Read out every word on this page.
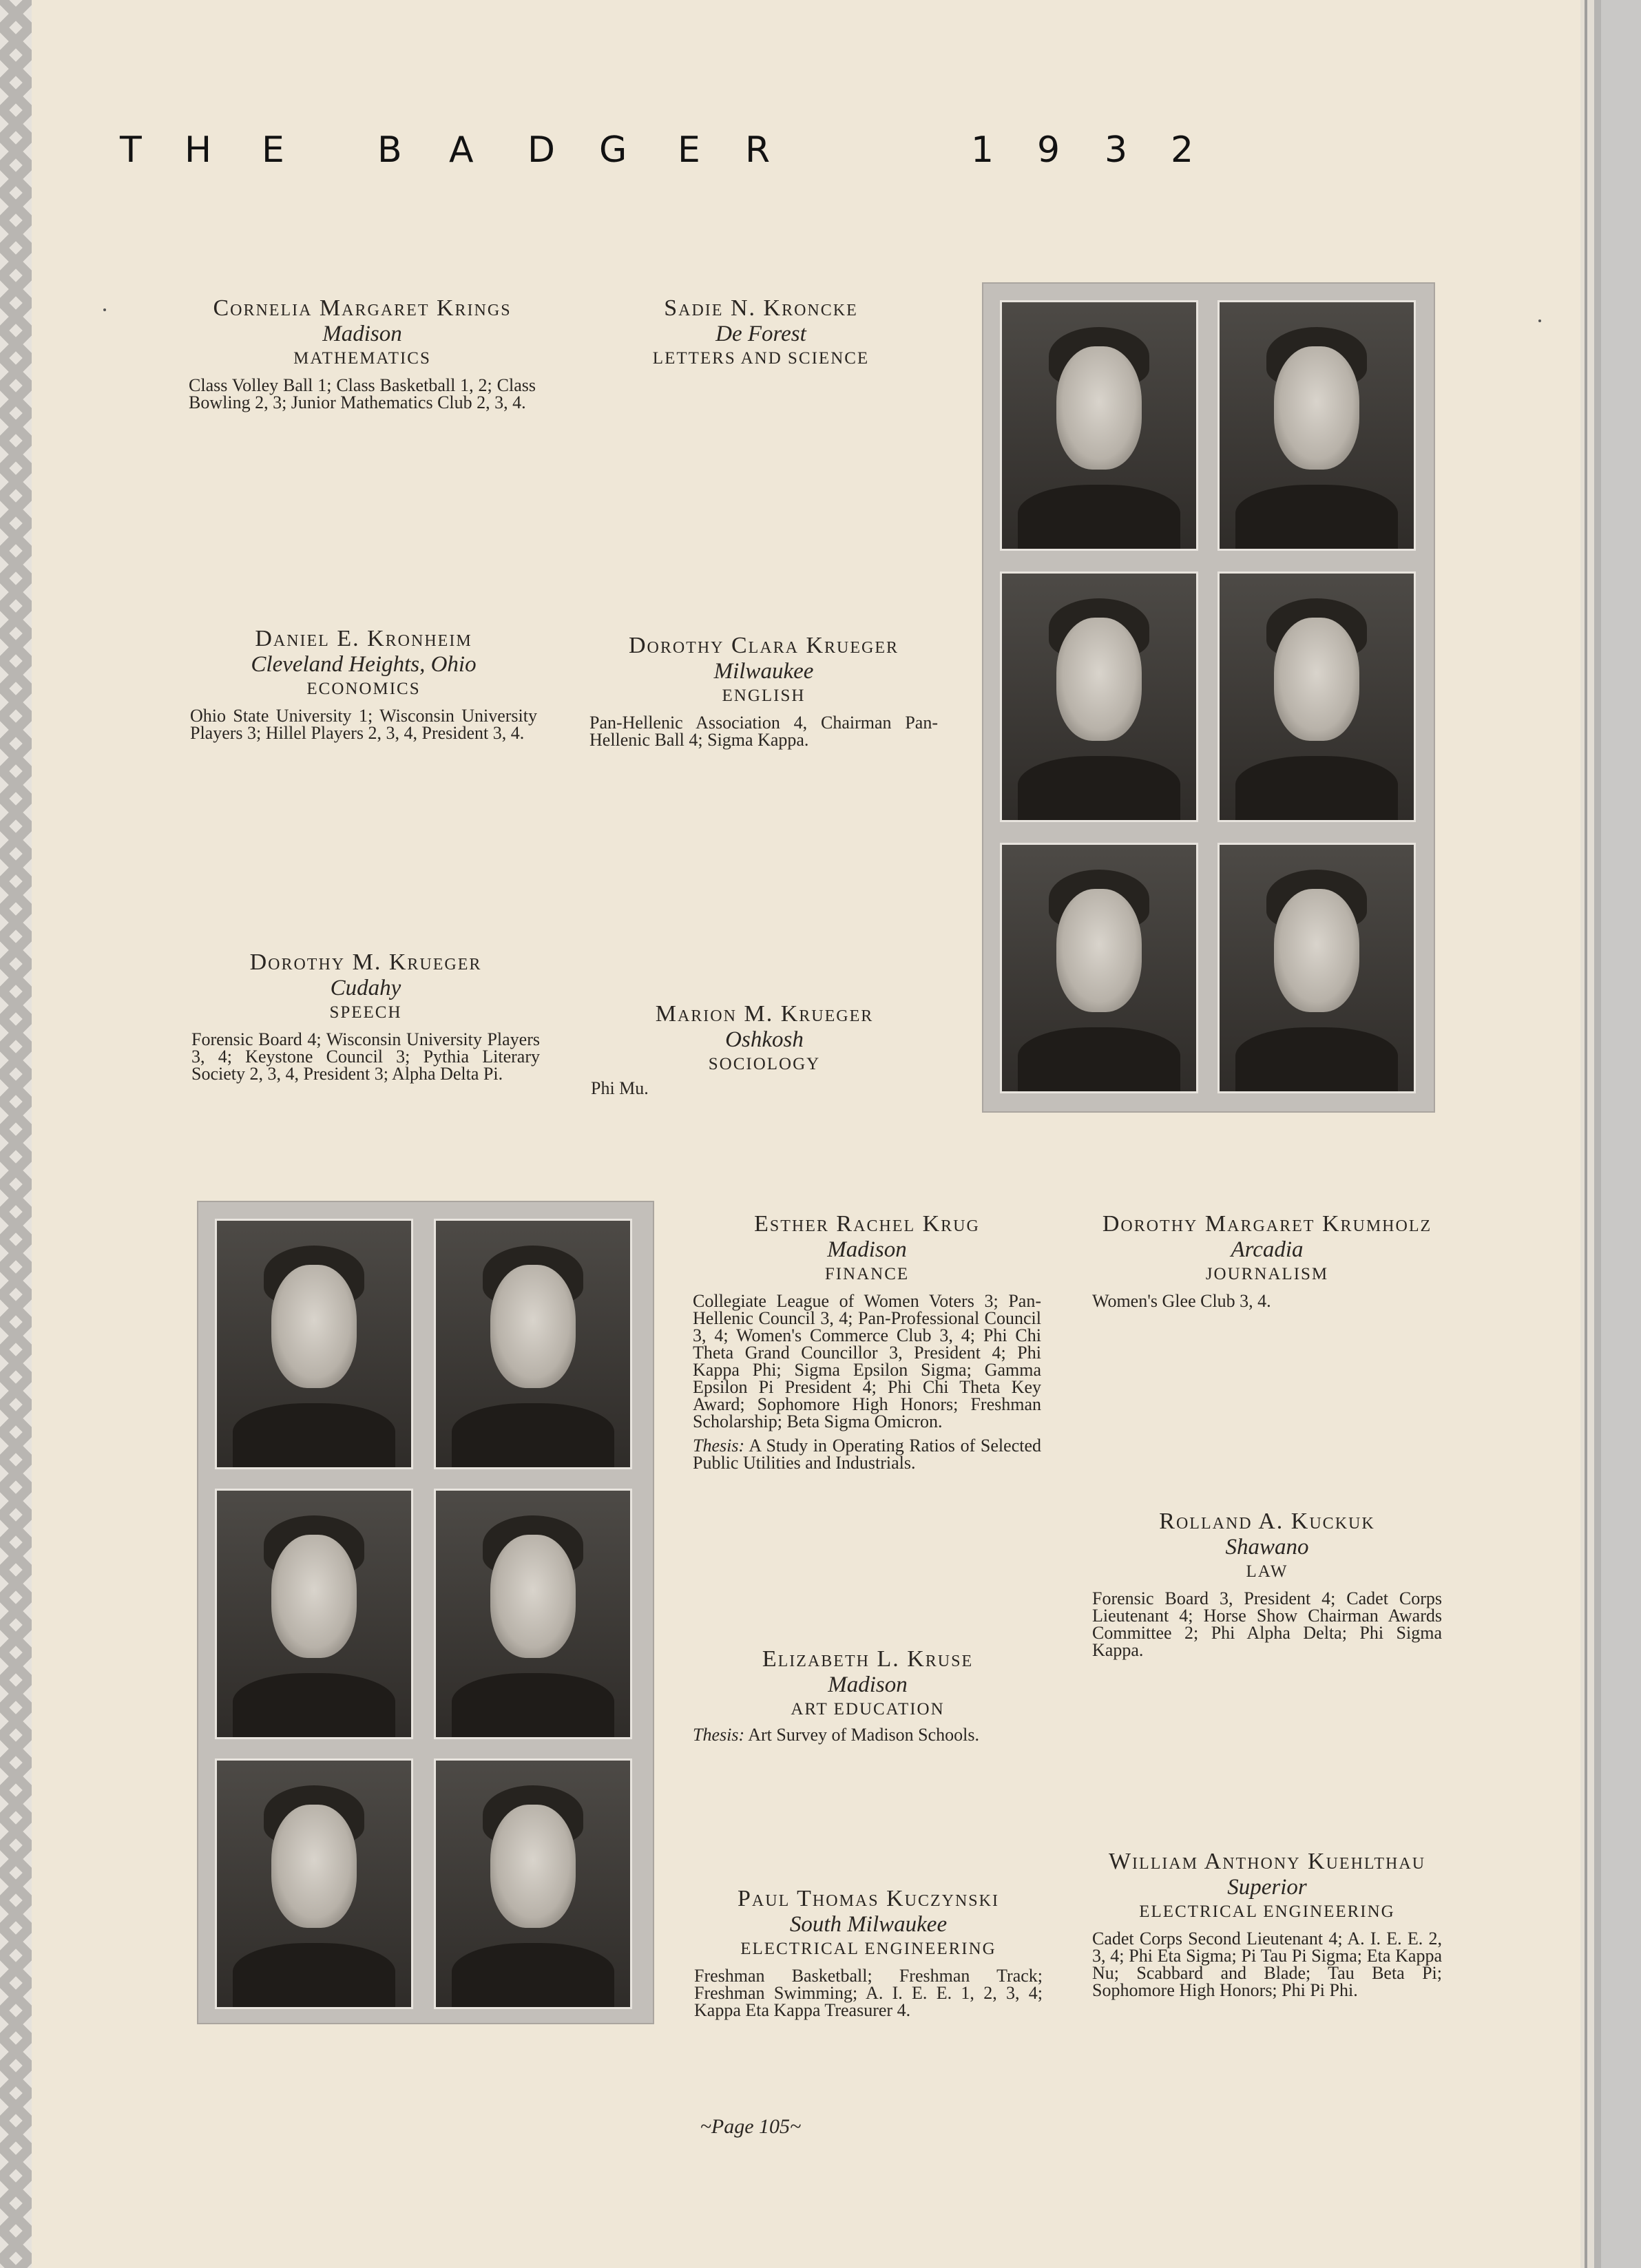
T H E	B A D G E R	1 9 3 2
Cornelia Margaret Krings
Madison
MATHEMATICS
Class Volley Ball 1; Class Basketball 1, 2; Class Bowling 2, 3; Junior Mathematics Club 2, 3, 4.
Sadie N. Kroncke
De Forest
LETTERS AND SCIENCE
Daniel E. Kronheim
Cleveland Heights, Ohio
ECONOMICS
Ohio State University 1; Wisconsin University Players 3; Hillel Players 2, 3, 4, President 3, 4.
Dorothy Clara Krueger
Milwaukee
ENGLISH
Pan-Hellenic Association 4, Chairman Pan-Hellenic Ball 4; Sigma Kappa.
Dorothy M. Krueger
Cudahy
SPEECH
Forensic Board 4; Wisconsin University Players 3, 4; Keystone Council 3; Pythia Literary Society 2, 3, 4, President 3; Alpha Delta Pi.
Marion M. Krueger
Oshkosh
SOCIOLOGY
Phi Mu.
Esther Rachel Krug
Madison
FINANCE
Collegiate League of Women Voters 3; Pan-Hellenic Council 3, 4; Pan-Professional Council 3, 4; Women's Commerce Club 3, 4; Phi Chi Theta Grand Councillor 3, President 4; Phi Kappa Phi; Sigma Epsilon Sigma; Gamma Epsilon Pi President 4; Phi Chi Theta Key Award; Sophomore High Honors; Freshman Scholarship; Beta Sigma Omicron.
Thesis: A Study in Operating Ratios of Selected Public Utilities and Industrials.
Dorothy Margaret Krumholz
Arcadia
JOURNALISM
Women's Glee Club 3, 4.
Rolland A. Kuckuk
Shawano
LAW
Forensic Board 3, President 4; Cadet Corps Lieutenant 4; Horse Show Chairman Awards Committee 2; Phi Alpha Delta; Phi Sigma Kappa.
Elizabeth L. Kruse
Madison
ART EDUCATION
Thesis: Art Survey of Madison Schools.
William Anthony Kuehlthau
Superior
ELECTRICAL ENGINEERING
Cadet Corps Second Lieutenant 4; A. I. E. E. 2, 3, 4; Phi Eta Sigma; Pi Tau Pi Sigma; Eta Kappa Nu; Scabbard and Blade; Tau Beta Pi; Sophomore High Honors; Phi Pi Phi.
Paul Thomas Kuczynski
South Milwaukee
ELECTRICAL ENGINEERING
Freshman Basketball; Freshman Track; Freshman Swimming; A. I. E. E. 1, 2, 3, 4; Kappa Eta Kappa Treasurer 4.
~Page 105~
